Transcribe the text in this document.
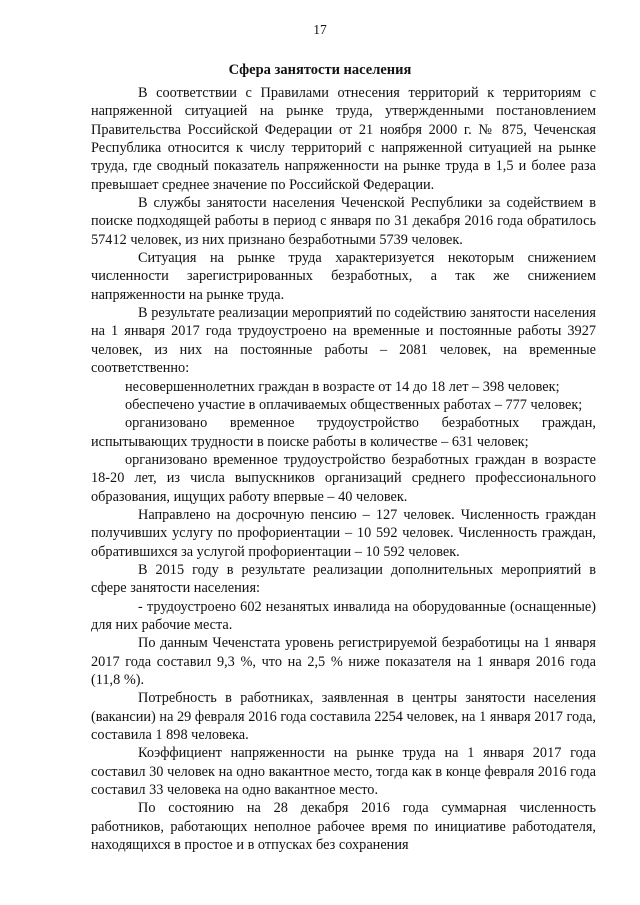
17
Сфера занятости населения

В соответствии с Правилами отнесения территорий к территориям с напряженной ситуацией на рынке труда, утвержденными постановлением Правительства Российской Федерации от 21 ноября 2000 г. № 875, Чеченская Республика относится к числу территорий с напряженной ситуацией на рынке труда, где сводный показатель напряженности на рынке труда в 1,5 и более раза превышает среднее значение по Российской Федерации.

В службы занятости населения Чеченской Республики за содействием в поиске подходящей работы в период с января по 31 декабря 2016 года обратилось 57412 человек, из них признано безработными 5739 человек.

Ситуация на рынке труда характеризуется некоторым снижением численности зарегистрированных безработных, а так же снижением напряженности на рынке труда.

В результате реализации мероприятий по содействию занятости населения на 1 января 2017 года трудоустроено на временные и постоянные работы 3927 человек, из них на постоянные работы – 2081 человек, на временные соответственно:

несовершеннолетних граждан в возрасте от 14 до 18 лет – 398 человек;

обеспечено участие в оплачиваемых общественных работах – 777 человек;

организовано временное трудоустройство безработных граждан, испытывающих трудности в поиске работы в количестве – 631 человек;

организовано временное трудоустройство безработных граждан в возрасте 18-20 лет, из числа выпускников организаций среднего профессионального образования, ищущих работу впервые – 40 человек.

Направлено на досрочную пенсию – 127 человек. Численность граждан получивших услугу по профориентации – 10 592 человек. Численность граждан, обратившихся за услугой профориентации – 10 592 человек.

В 2015 году в результате реализации дополнительных мероприятий в сфере занятости населения:

- трудоустроено 602 незанятых инвалида на оборудованные (оснащенные) для них рабочие места.

По данным Чеченстата уровень регистрируемой безработицы на 1 января 2017 года составил 9,3 %, что на 2,5 % ниже показателя на 1 января 2016 года (11,8 %).

Потребность в работниках, заявленная в центры занятости населения (вакансии) на 29 февраля 2016 года составила 2254 человек, на 1 января 2017 года, составила 1 898 человека.

Коэффициент напряженности на рынке труда на 1 января 2017 года составил 30 человек на одно вакантное место, тогда как в конце февраля 2016 года составил 33 человека на одно вакантное место.

По состоянию на 28 декабря 2016 года суммарная численность работников, работающих неполное рабочее время по инициативе работодателя, находящихся в простое и в отпусках без сохранения
